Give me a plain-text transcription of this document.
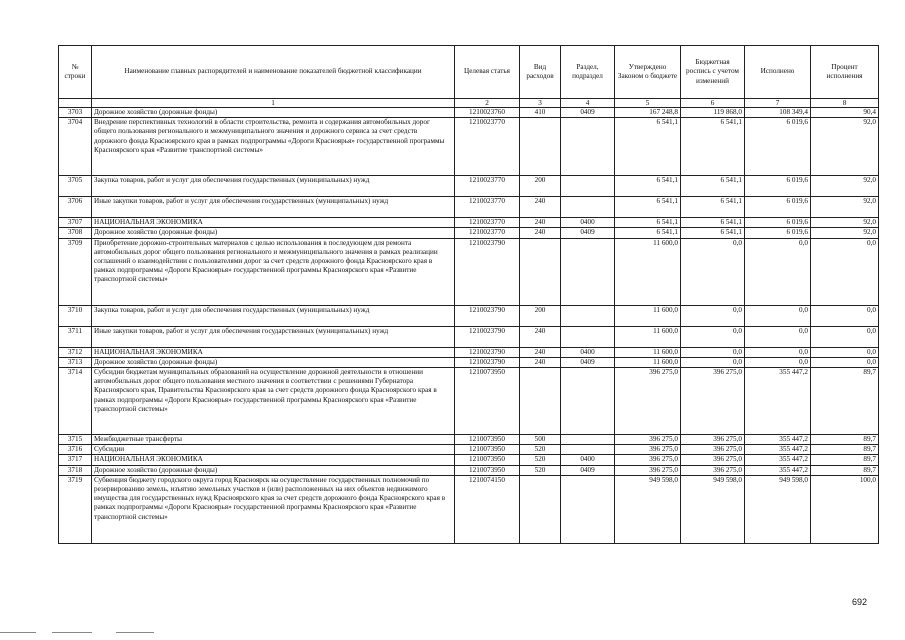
№ строки	Наименование главных распорядителей и наименование показателей бюджетной классификации	Целевая статья	Вид расходов	Раздел, подраздел	Утверждено Законом о бюджете	Бюджетная роспись с учетом изменений	Исполнено	Процент исполнения
	1	2	3	4	5	6	7	8
3703	Дорожное хозяйство (дорожные фонды)	1210023760	410	0409	167 248,8	119 868,0	108 349,4	90,4
3704	Внедрение перспективных технологий в области строительства, ремонта и содержания автомобильных дорог общего пользования регионального и межмуниципального значения и дорожного сервиса за счет средств дорожного фонда Красноярского края в рамках подпрограммы «Дороги Красноярья» государственной программы Красноярского края «Развитие транспортной системы»	1210023770			6 541,1	6 541,1	6 019,6	92,0
3705	Закупка товаров, работ и услуг для обеспечения государственных (муниципальных) нужд	1210023770	200		6 541,1	6 541,1	6 019,6	92,0
3706	Иные закупки товаров, работ и услуг для обеспечения государственных (муниципальных) нужд	1210023770	240		6 541,1	6 541,1	6 019,6	92,0
3707	НАЦИОНАЛЬНАЯ ЭКОНОМИКА	1210023770	240	0400	6 541,1	6 541,1	6 019,6	92,0
3708	Дорожное хозяйство (дорожные фонды)	1210023770	240	0409	6 541,1	6 541,1	6 019,6	92,0
3709	Приобретение дорожно-строительных материалов с целью использования в последующем для ремонта автомобильных дорог общего пользования регионального и межмуниципального значения в рамках реализации соглашений о взаимодействии с пользователями дорог за счет средств дорожного фонда Красноярского края в рамках подпрограммы «Дороги Красноярья» государственной программы Красноярского края «Развитие транспортной системы»	1210023790			11 600,0	0,0	0,0	0,0
3710	Закупка товаров, работ и услуг для обеспечения государственных (муниципальных) нужд	1210023790	200		11 600,0	0,0	0,0	0,0
3711	Иные закупки товаров, работ и услуг для обеспечения государственных (муниципальных) нужд	1210023790	240		11 600,0	0,0	0,0	0,0
3712	НАЦИОНАЛЬНАЯ ЭКОНОМИКА	1210023790	240	0400	11 600,0	0,0	0,0	0,0
3713	Дорожное хозяйство (дорожные фонды)	1210023790	240	0409	11 600,0	0,0	0,0	0,0
3714	Субсидии бюджетам муниципальных образований на осуществление дорожной деятельности в отношении автомобильных дорог общего пользования местного значения в соответствии с решениями Губернатора Красноярского края, Правительства Красноярского края за счет средств дорожного фонда Красноярского края в рамках подпрограммы «Дороги Красноярья» государственной программы Красноярского края «Развитие транспортной системы»	1210073950			396 275,0	396 275,0	355 447,2	89,7
3715	Межбюджетные трансферты	1210073950	500		396 275,0	396 275,0	355 447,2	89,7
3716	Субсидии	1210073950	520		396 275,0	396 275,0	355 447,2	89,7
3717	НАЦИОНАЛЬНАЯ ЭКОНОМИКА	1210073950	520	0400	396 275,0	396 275,0	355 447,2	89,7
3718	Дорожное хозяйство (дорожные фонды)	1210073950	520	0409	396 275,0	396 275,0	355 447,2	89,7
3719	Субвенция бюджету городского округа город Красноярск на осуществление государственных полномочий по резервированию земель, изъятию земельных участков и (или) расположенных на них объектов недвижимого имущества для государственных нужд Красноярского края за счет средств дорожного фонда Красноярского края в рамках подпрограммы «Дороги Красноярья» государственной программы Красноярского края «Развитие транспортной системы»	1210074150			949 598,0	949 598,0	949 598,0	100,0
692
